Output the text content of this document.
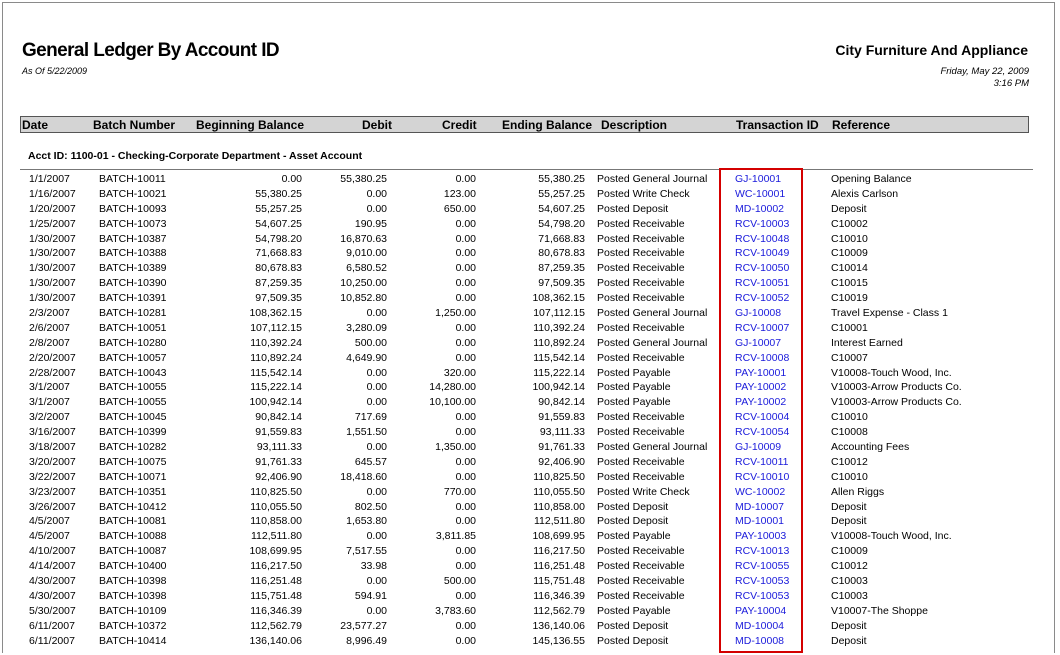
General Ledger By Account ID
As Of 5/22/2009
City Furniture And Appliance
Friday, May 22, 2009
3:16 PM
Date	Batch Number Beginning Balance	Debit	Credit Ending Balance Description	Transaction ID Reference
Acct ID: 1100-01 - Checking-Corporate Department - Asset Account
1/1/2007	BATCH-10011	0.00	55,380.25	0.00	55,380.25 Posted General Journal	GJ-10001	Opening Balance
1/16/2007 BATCH-10021	55,380.25	0.00	123.00	55,257.25 Posted Write Check	WC-10001	Alexis Carlson
1/20/2007 BATCH-10093	55,257.25	0.00	650.00	54,607.25 Posted Deposit	MD-10002	Deposit
1/25/2007 BATCH-10073	54,607.25	190.95	0.00	54,798.20 Posted Receivable	RCV-10003	C10002
1/30/2007 BATCH-10387	54,798.20	16,870.63	0.00	71,668.83 Posted Receivable	RCV-10048	C10010
1/30/2007 BATCH-10388	71,668.83	9,010.00	0.00	80,678.83 Posted Receivable	RCV-10049	C10009
1/30/2007 BATCH-10389	80,678.83	6,580.52	0.00	87,259.35 Posted Receivable	RCV-10050	C10014
1/30/2007 BATCH-10390	87,259.35	10,250.00	0.00	97,509.35 Posted Receivable	RCV-10051	C10015
1/30/2007 BATCH-10391	97,509.35	10,852.80	0.00	108,362.15 Posted Receivable	RCV-10052	C10019
2/3/2007	BATCH-10281	108,362.15	0.00	1,250.00	107,112.15 Posted General Journal	GJ-10008	Travel Expense - Class 1
2/6/2007	BATCH-10051	107,112.15	3,280.09	0.00	110,392.24 Posted Receivable	RCV-10007	C10001
2/8/2007	BATCH-10280	110,392.24	500.00	0.00	110,892.24 Posted General Journal	GJ-10007	Interest Earned
2/20/2007 BATCH-10057	110,892.24	4,649.90	0.00	115,542.14 Posted Receivable	RCV-10008	C10007
2/28/2007 BATCH-10043	115,542.14	0.00	320.00	115,222.14 Posted Payable	PAY-10001	V10008-Touch Wood, Inc.
3/1/2007	BATCH-10055	115,222.14	0.00	14,280.00	100,942.14 Posted Payable	PAY-10002	V10003-Arrow Products Co.
3/1/2007	BATCH-10055	100,942.14	0.00	10,100.00	90,842.14 Posted Payable	PAY-10002	V10003-Arrow Products Co.
3/2/2007	BATCH-10045	90,842.14	717.69	0.00	91,559.83 Posted Receivable	RCV-10004	C10010
3/16/2007 BATCH-10399	91,559.83	1,551.50	0.00	93,111.33 Posted Receivable	RCV-10054	C10008
3/18/2007 BATCH-10282	93,111.33	0.00	1,350.00	91,761.33 Posted General Journal	GJ-10009	Accounting Fees
3/20/2007 BATCH-10075	91,761.33	645.57	0.00	92,406.90 Posted Receivable	RCV-10011	C10012
3/22/2007 BATCH-10071	92,406.90	18,418.60	0.00	110,825.50 Posted Receivable	RCV-10010	C10010
3/23/2007 BATCH-10351	110,825.50	0.00	770.00	110,055.50 Posted Write Check	WC-10002	Allen Riggs
3/26/2007 BATCH-10412	110,055.50	802.50	0.00	110,858.00 Posted Deposit	MD-10007	Deposit
4/5/2007	BATCH-10081	110,858.00	1,653.80	0.00	112,511.80 Posted Deposit	MD-10001	Deposit
4/5/2007	BATCH-10088	112,511.80	0.00	3,811.85	108,699.95 Posted Payable	PAY-10003	V10008-Touch Wood, Inc.
4/10/2007 BATCH-10087	108,699.95	7,517.55	0.00	116,217.50 Posted Receivable	RCV-10013	C10009
4/14/2007 BATCH-10400	116,217.50	33.98	0.00	116,251.48 Posted Receivable	RCV-10055	C10012
4/30/2007 BATCH-10398	116,251.48	0.00	500.00	115,751.48 Posted Receivable	RCV-10053	C10003
4/30/2007 BATCH-10398	115,751.48	594.91	0.00	116,346.39 Posted Receivable	RCV-10053	C10003
5/30/2007 BATCH-10109	116,346.39	0.00	3,783.60	112,562.79 Posted Payable	PAY-10004	V10007-The Shoppe
6/11/2007 BATCH-10372	112,562.79	23,577.27	0.00	136,140.06 Posted Deposit	MD-10004	Deposit
6/11/2007 BATCH-10414	136,140.06	8,996.49	0.00	145,136.55 Posted Deposit	MD-10008	Deposit
